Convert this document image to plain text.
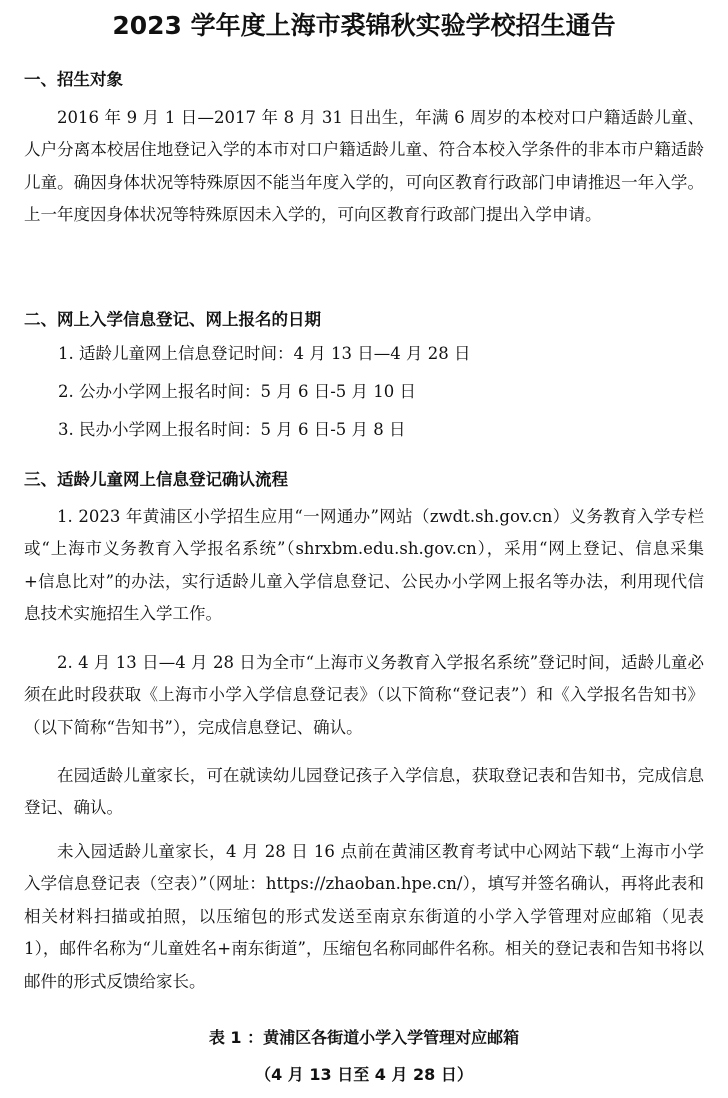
2023 学年度上海市裘锦秋实验学校招生通告
一、招生对象

2016 年 9 月 1 日—2017 年 8 月 31 日出生，年满 6 周岁的本校对口户籍适龄儿童、人户分离本校居住地登记入学的本市对口户籍适龄儿童、符合本校入学条件的非本市户籍适龄儿童。确因身体状况等特殊原因不能当年度入学的，可向区教育行政部门申请推迟一年入学。上一年度因身体状况等特殊原因未入学的，可向区教育行政部门提出入学申请。

二、网上入学信息登记、网上报名的日期
1. 适龄儿童网上信息登记时间：4 月 13 日—4 月 28 日
2. 公办小学网上报名时间：5 月 6 日-5 月 10 日
3. 民办小学网上报名时间：5 月 6 日-5 月 8 日
三、适龄儿童网上信息登记确认流程

1. 2023 年黄浦区小学招生应用“一网通办”网站（zwdt.sh.gov.cn）义务教育入学专栏或“上海市义务教育入学报名系统”（shrxbm.edu.sh.gov.cn），采用“网上登记、信息采集+信息比对”的办法，实行适龄儿童入学信息登记、公民办小学网上报名等办法，利用现代信息技术实施招生入学工作。

2. 4 月 13 日—4 月 28 日为全市“上海市义务教育入学报名系统”登记时间，适龄儿童必须在此时段获取《上海市小学入学信息登记表》（以下简称“登记表”）和《入学报名告知书》（以下简称“告知书”），完成信息登记、确认。

在园适龄儿童家长，可在就读幼儿园登记孩子入学信息，获取登记表和告知书，完成信息登记、确认。

未入园适龄儿童家长，4 月 28 日 16 点前在黄浦区教育考试中心网站下载“上海市小学入学信息登记表（空表）”（网址：https://zhaoban.hpe.cn/），填写并签名确认，再将此表和相关材料扫描或拍照，以压缩包的形式发送至南京东街道的小学入学管理对应邮箱（见表 1），邮件名称为“儿童姓名+南东街道”，压缩包名称同邮件名称。相关的登记表和告知书将以邮件的形式反馈给家长。

表 1 ：黄浦区各街道小学入学管理对应邮箱
（4 月 13 日至 4 月 28 日）
